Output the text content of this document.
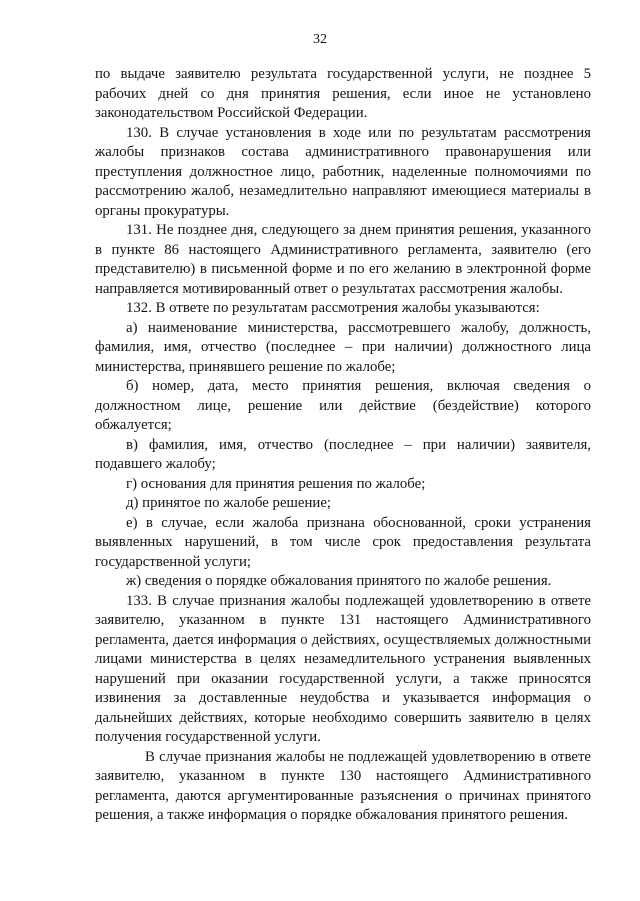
32
по выдаче заявителю результата государственной услуги, не позднее 5
рабочих дней со дня принятия решения, если иное не установлено
законодательством Российской Федерации.
130. В случае установления в ходе или по результатам рассмотрения
жалобы признаков состава административного правонарушения или
преступления должностное лицо, работник, наделенные полномочиями по
рассмотрению жалоб, незамедлительно направляют имеющиеся материалы в
органы прокуратуры.
131. Не позднее дня, следующего за днем принятия решения, указанного
в пункте 86 настоящего Административного регламента, заявителю (его
представителю) в письменной форме и по его желанию в электронной форме
направляется мотивированный ответ о результатах рассмотрения жалобы.
132. В ответе по результатам рассмотрения жалобы указываются:
а) наименование министерства, рассмотревшего жалобу, должность,
фамилия, имя, отчество (последнее – при наличии) должностного лица
министерства, принявшего решение по жалобе;
б) номер, дата, место принятия решения, включая сведения о
должностном лице, решение или действие (бездействие) которого
обжалуется;
в) фамилия, имя, отчество (последнее – при наличии) заявителя,
подавшего жалобу;
г) основания для принятия решения по жалобе;
д) принятое по жалобе решение;
е) в случае, если жалоба признана обоснованной, сроки устранения
выявленных нарушений, в том числе срок предоставления результата
государственной услуги;
ж) сведения о порядке обжалования принятого по жалобе решения.
133. В случае признания жалобы подлежащей удовлетворению в ответе
заявителю, указанном в пункте 131 настоящего Административного
регламента, дается информация о действиях, осуществляемых должностными
лицами министерства в целях незамедлительного устранения выявленных
нарушений при оказании государственной услуги, а также приносятся
извинения за доставленные неудобства и указывается информация о
дальнейших действиях, которые необходимо совершить заявителю в целях
получения государственной услуги.
В случае признания жалобы не подлежащей удовлетворению в ответе
заявителю, указанном в пункте 130 настоящего Административного
регламента, даются аргументированные разъяснения о причинах принятого
решения, а также информация о порядке обжалования принятого решения.
